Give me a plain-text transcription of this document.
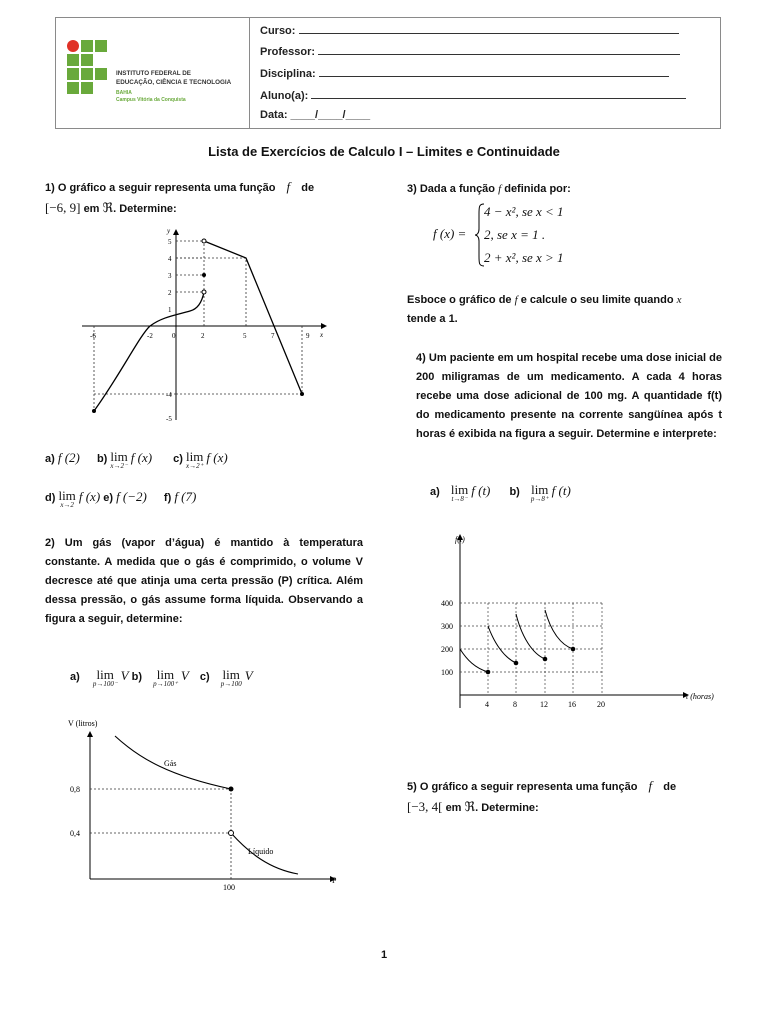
INSTITUTO FEDERAL DE
EDUCAÇÃO, CIÊNCIA E TECNOLOGIA
BAHIA
Campus Vitória da Conquista
Curso:
Professor:
Disciplina:
Aluno(a):
Data: ____/____/____
Lista de Exercícios de Calculo I – Limites e Continuidade
1) O gráfico a seguir representa uma função f de
[−6, 9] em ℜ. Determine:
-6	-2	0	2	5	7	9
5
4
3
2
1
-4
-5
x
y
a) f (2) b) lim
x→2⁻
f (x) c) lim
x→2⁺
f (x)
d) lim
x→2
f (x) e) f (−2) f) f (7)
2) Um gás (vapor d’água) é mantido à temperatura constante. A medida que o gás é comprimido, o volume V decresce até que atinja uma certa pressão (P) crítica. Além dessa pressão, o gás assume forma líquida. Observando a figura a seguir, determine:
a) lim
p→100⁻
V b) lim
p→100⁺
V c) lim
p→100
V
V (litros)
P
0,8
0,4
100
Gás
Líquido
3) Dada a função f definida por:
f (x) =
4 − x², se x < 1
2, se x = 1 .
2 + x², se x > 1
Esboce o gráfico de f e calcule o seu limite quando x
tende a 1.
4) Um paciente em um hospital recebe uma dose inicial de 200 miligramas de um medicamento. A cada 4 horas recebe uma dose adicional de 100 mg. A quantidade f(t) do medicamento presente na corrente sangüínea após t horas é exibida na figura a seguir. Determine e interprete:
a) lim
t→8⁻
f (t) b) lim
p→8⁺
f (t)
f(t)
t (horas)
400
300
200
100
4	8	12	16	20
5) O gráfico a seguir representa uma função f de
[−3, 4[ em ℜ. Determine:
1
